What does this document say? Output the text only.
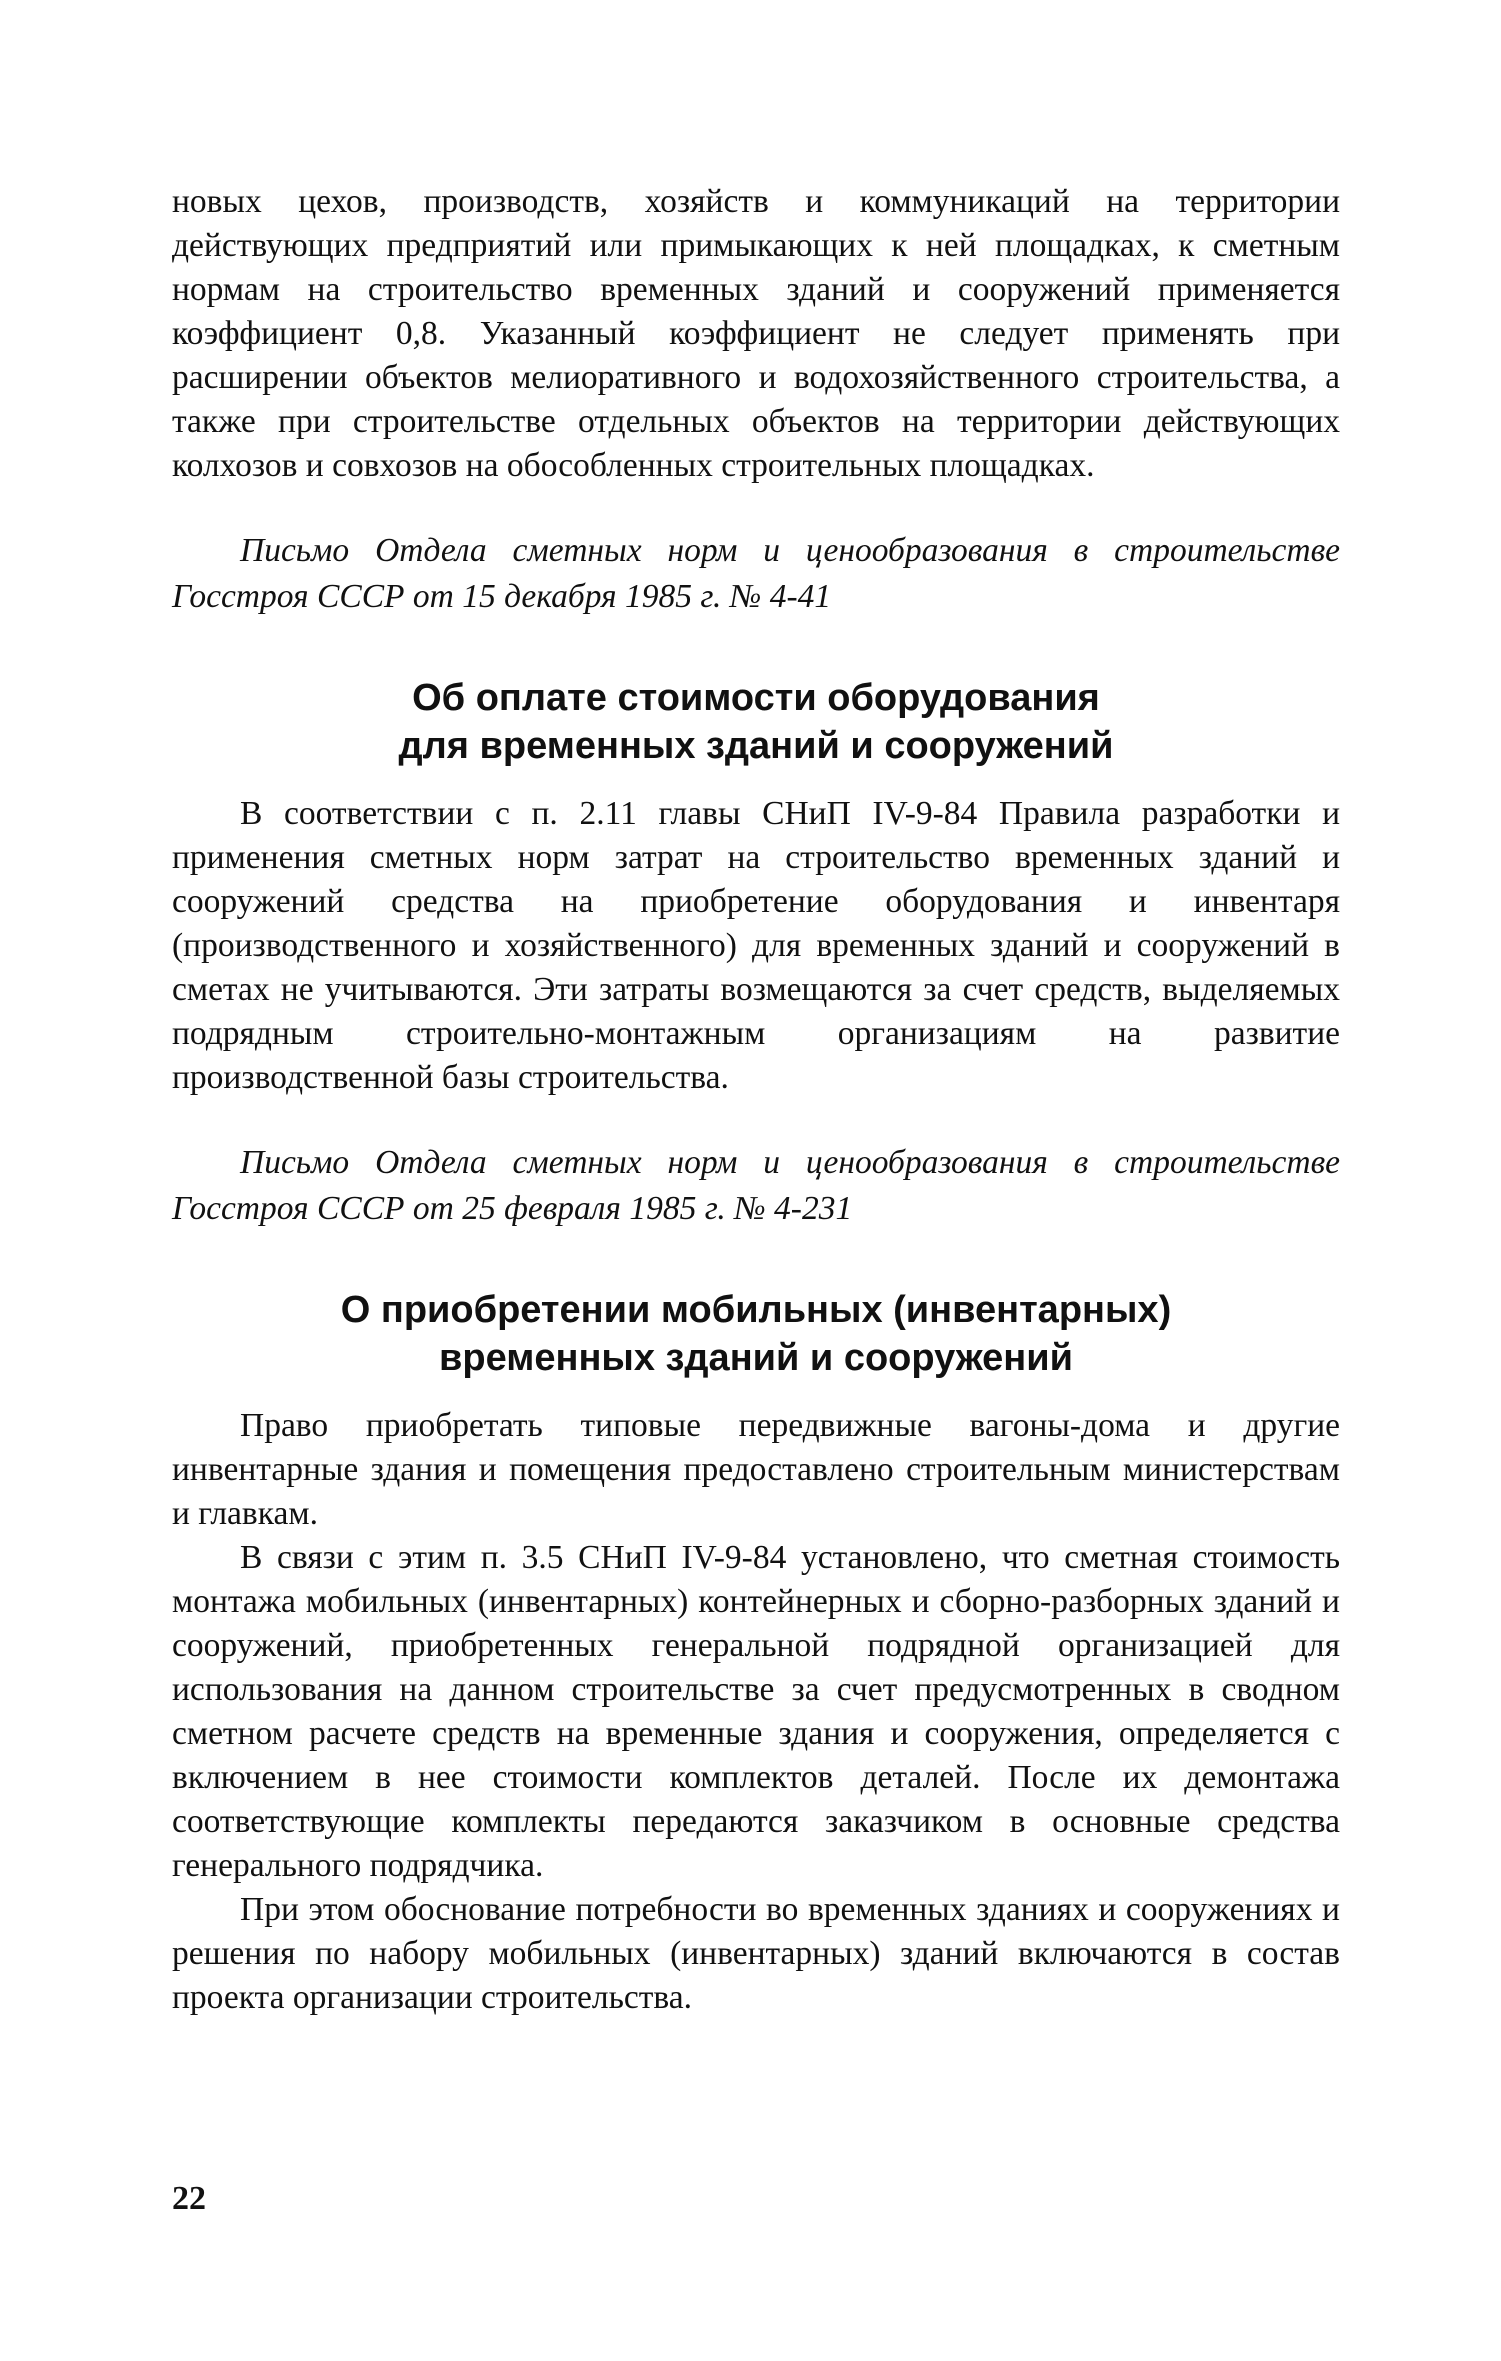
новых цехов, производств, хозяйств и коммуникаций на территории действующих предприятий или примыкающих к ней площадках, к сметным нормам на строительство временных зданий и сооружений применяется коэффициент 0,8. Указанный коэффициент не следует применять при расширении объектов мелиоративного и водохозяйственного строительства, а также при строительстве отдельных объектов на территории действующих колхозов и совхозов на обособленных строительных площадках.

Письмо Отдела сметных норм и ценообразования в строительстве Госстроя СССР от 15 декабря 1985 г. № 4-41

Об оплате стоимости оборудования
для временных зданий и сооружений

В соответствии с п. 2.11 главы СНиП IV-9-84 Правила разработки и применения сметных норм затрат на строительство временных зданий и сооружений средства на приобретение оборудования и инвентаря (производственного и хозяйственного) для временных зданий и сооружений в сметах не учитываются. Эти затраты возмещаются за счет средств, выделяемых подрядным строительно-монтажным организациям на развитие производственной базы строительства.

Письмо Отдела сметных норм и ценообразования в строительстве Госстроя СССР от 25 февраля 1985 г. № 4-231

О приобретении мобильных (инвентарных)
временных зданий и сооружений

Право приобретать типовые передвижные вагоны-дома и другие инвентарные здания и помещения предоставлено строительным министерствам и главкам.

В связи с этим п. 3.5 СНиП IV-9-84 установлено, что сметная стоимость монтажа мобильных (инвентарных) контейнерных и сборно-разборных зданий и сооружений, приобретенных генеральной подрядной организацией для использования на данном строительстве за счет предусмотренных в сводном сметном расчете средств на временные здания и сооружения, определяется с включением в нее стоимости комплектов деталей. После их демонтажа соответствующие комплекты передаются заказчиком в основные средства генерального подрядчика.

При этом обоснование потребности во временных зданиях и сооружениях и решения по набору мобильных (инвентарных) зданий включаются в состав проекта организации строительства.

22
